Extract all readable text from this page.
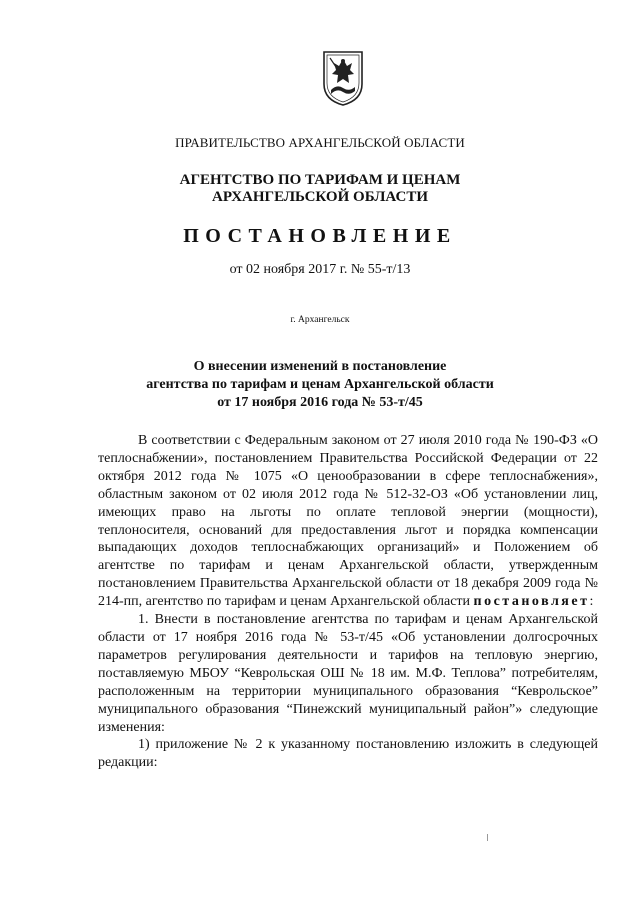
ПРАВИТЕЛЬСТВО АРХАНГЕЛЬСКОЙ ОБЛАСТИ
АГЕНТСТВО ПО ТАРИФАМ И ЦЕНАМ
АРХАНГЕЛЬСКОЙ ОБЛАСТИ
ПОСТАНОВЛЕНИЕ
от 02 ноября 2017 г. № 55-т/13
г. Архангельск
О внесении изменений в постановление
агентства по тарифам и ценам Архангельской области
от 17 ноября 2016 года № 53-т/45

В соответствии с Федеральным законом от 27 июля 2010 года № 190-ФЗ «О теплоснабжении», постановлением Правительства Российской Федерации от 22 октября 2012 года № 1075 «О ценообразовании в сфере теплоснабжения», областным законом от 02 июля 2012 года № 512-32-ОЗ «Об установлении лиц, имеющих право на льготы по оплате тепловой энергии (мощности), теплоносителя, оснований для предоставления льгот и порядка компенсации выпадающих доходов теплоснабжающих организаций» и Положением об агентстве по тарифам и ценам Архангельской области, утвержденным постановлением Правительства Архангельской области от 18 декабря 2009 года № 214-пп, агентство по тарифам и ценам Архангельской области постановляет:

1. Внести в постановление агентства по тарифам и ценам Архангельской области от 17 ноября 2016 года № 53-т/45 «Об установлении долгосрочных параметров регулирования деятельности и тарифов на тепловую энергию, поставляемую МБОУ “Кеврольская ОШ № 18 им. М.Ф. Теплова” потребителям, расположенным на территории муниципального образования “Кеврольское” муниципального образования “Пинежский муниципальный район”» следующие изменения:

1) приложение № 2 к указанному постановлению изложить в следующей редакции:
